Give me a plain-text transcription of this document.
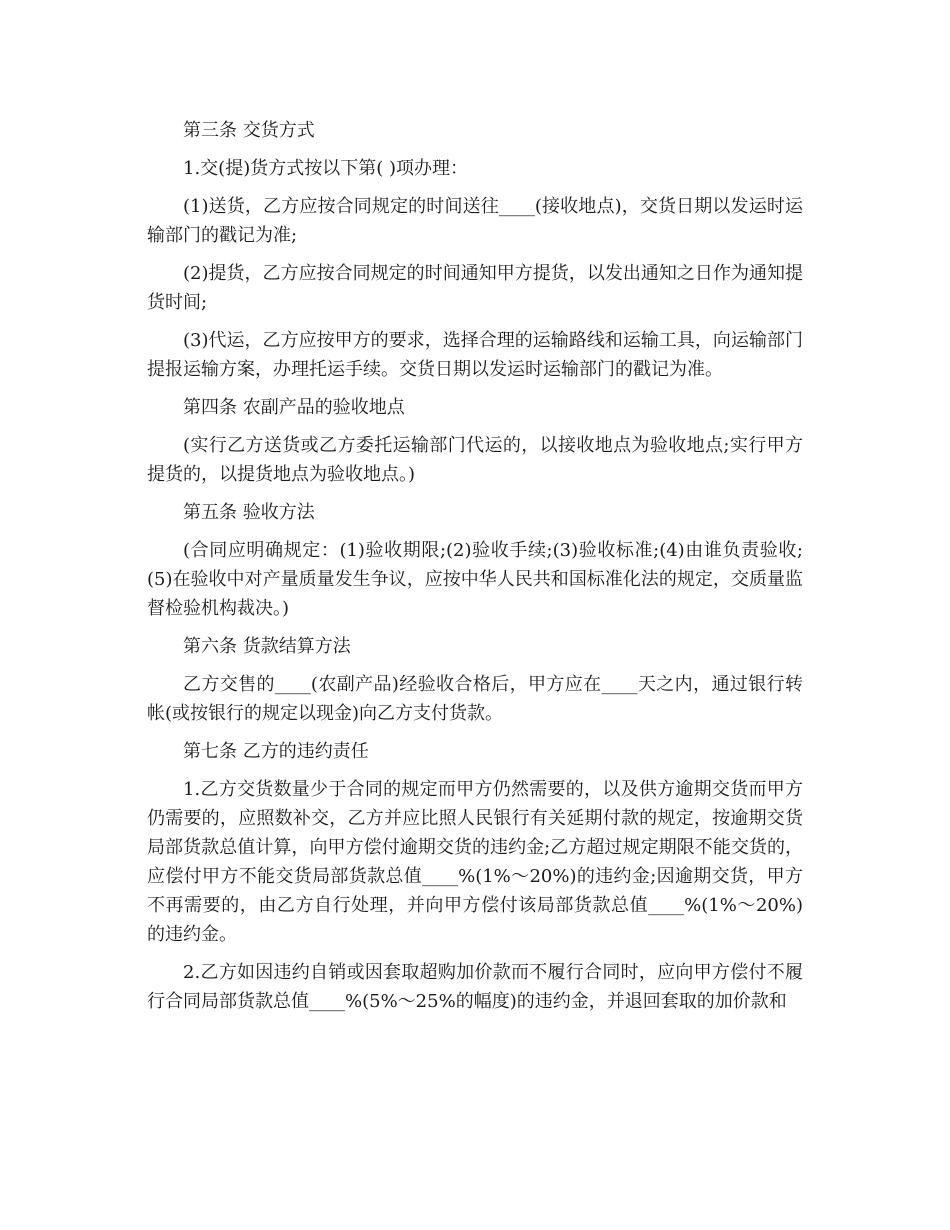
第三条 交货方式

1.交(提)货方式按以下第( )项办理：

(1)送货，乙方应按合同规定的时间送往____(接收地点)，交货日期以发运时运输部门的戳记为准;

(2)提货，乙方应按合同规定的时间通知甲方提货，以发出通知之日作为通知提货时间;

(3)代运，乙方应按甲方的要求，选择合理的运输路线和运输工具，向运输部门提报运输方案，办理托运手续。交货日期以发运时运输部门的戳记为准。

第四条 农副产品的验收地点

(实行乙方送货或乙方委托运输部门代运的，以接收地点为验收地点;实行甲方提货的，以提货地点为验收地点。)

第五条 验收方法

(合同应明确规定：(1)验收期限;(2)验收手续;(3)验收标准;(4)由谁负责验收;(5)在验收中对产量质量发生争议，应按中华人民共和国标准化法的规定，交质量监督检验机构裁决。)

第六条 货款结算方法

乙方交售的____(农副产品)经验收合格后，甲方应在____天之内，通过银行转帐(或按银行的规定以现金)向乙方支付货款。

第七条 乙方的违约责任

1.乙方交货数量少于合同的规定而甲方仍然需要的，以及供方逾期交货而甲方仍需要的，应照数补交，乙方并应比照人民银行有关延期付款的规定，按逾期交货局部货款总值计算，向甲方偿付逾期交货的违约金;乙方超过规定期限不能交货的，应偿付甲方不能交货局部货款总值____%(1%～20%)的违约金;因逾期交货，甲方不再需要的，由乙方自行处理，并向甲方偿付该局部货款总值____%(1%～20%)的违约金。

2.乙方如因违约自销或因套取超购加价款而不履行合同时，应向甲方偿付不履行合同局部货款总值____%(5%～25%的幅度)的违约金，并退回套取的加价款和
